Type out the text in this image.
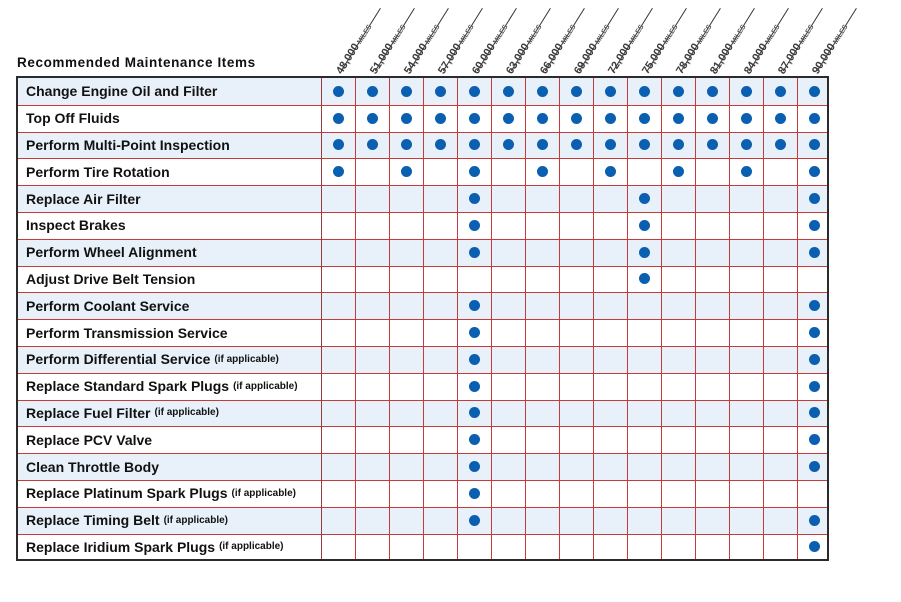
Recommended Maintenance Items	48,000MILES
51,000MILES
54,000MILES
57,000MILES
60,000MILES
63,000MILES
66,000MILES
69,000MILES
72,000MILES
75,000MILES
78,000MILES
81,000MILES
84,000MILES
87,000MILES
90,000MILES
Change Engine Oil and Filter
Top Off Fluids
Perform Multi-Point Inspection
Perform Tire Rotation
Replace Air Filter
Inspect Brakes
Perform Wheel Alignment
Adjust Drive Belt Tension
Perform Coolant Service
Perform Transmission Service
Perform Differential Service (if applicable)
Replace Standard Spark Plugs (if applicable)
Replace Fuel Filter (if applicable)
Replace PCV Valve
Clean Throttle Body
Replace Platinum Spark Plugs (if applicable)
Replace Timing Belt (if applicable)
Replace Iridium Spark Plugs (if applicable)
